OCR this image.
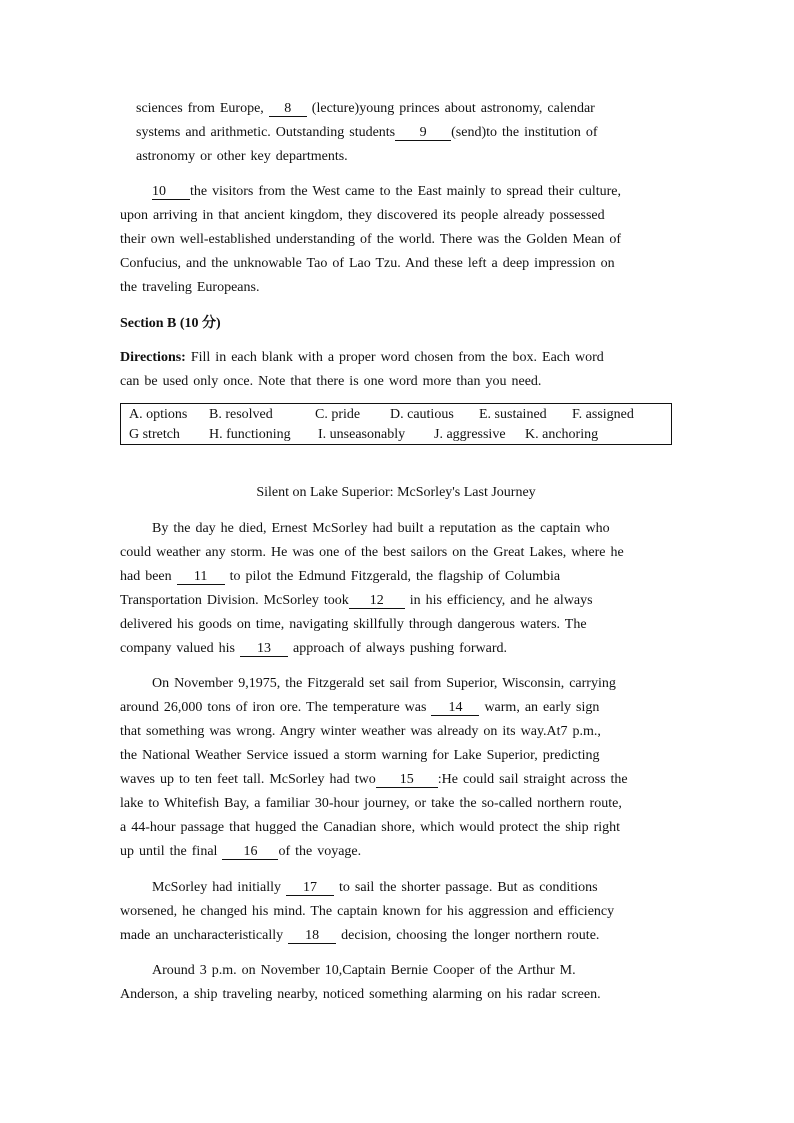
sciences from Europe, 8 (lecture)young princes about astronomy, calendar
systems and arithmetic. Outstanding students 9 (send)to the institution of
astronomy or other key departments.
10 the visitors from the West came to the East mainly to spread their culture,
upon arriving in that ancient kingdom, they discovered its people already possessed
their own well-established understanding of the world. There was the Golden Mean of
Confucius, and the unknowable Tao of Lao Tzu. And these left a deep impression on
the traveling Europeans.
Section B (10 分)
Directions: Fill in each blank with a proper word chosen from the box. Each word
can be used only once. Note that there is one word more than you need.
A. options B. resolved	C. pride D. cautious E. sustained F. assigned
G stretch H. functioning I. unseasonably J. aggressive K. anchoring
Silent on Lake Superior: McSorley's Last Journey
By the day he died, Ernest McSorley had built a reputation as the captain who
could weather any storm. He was one of the best sailors on the Great Lakes, where he
had been 11 to pilot the Edmund Fitzgerald, the flagship of Columbia
Transportation Division. McSorley took 12 in his efficiency, and he always
delivered his goods on time, navigating skillfully through dangerous waters. The
company valued his 13 approach of always pushing forward.
On November 9,1975, the Fitzgerald set sail from Superior, Wisconsin, carrying
around 26,000 tons of iron ore. The temperature was 14 warm, an early sign
that something was wrong. Angry winter weather was already on its way.At7 p.m.,
the National Weather Service issued a storm warning for Lake Superior, predicting
waves up to ten feet tall. McSorley had two 15 :He could sail straight across the
lake to Whitefish Bay, a familiar 30-hour journey, or take the so-called northern route,
a 44-hour passage that hugged the Canadian shore, which would protect the ship right
up until the final 16 of the voyage.
McSorley had initially 17 to sail the shorter passage. But as conditions
worsened, he changed his mind. The captain known for his aggression and efficiency
made an uncharacteristically 18 decision, choosing the longer northern route.
Around 3 p.m. on November 10,Captain Bernie Cooper of the Arthur M.
Anderson, a ship traveling nearby, noticed something alarming on his radar screen.
